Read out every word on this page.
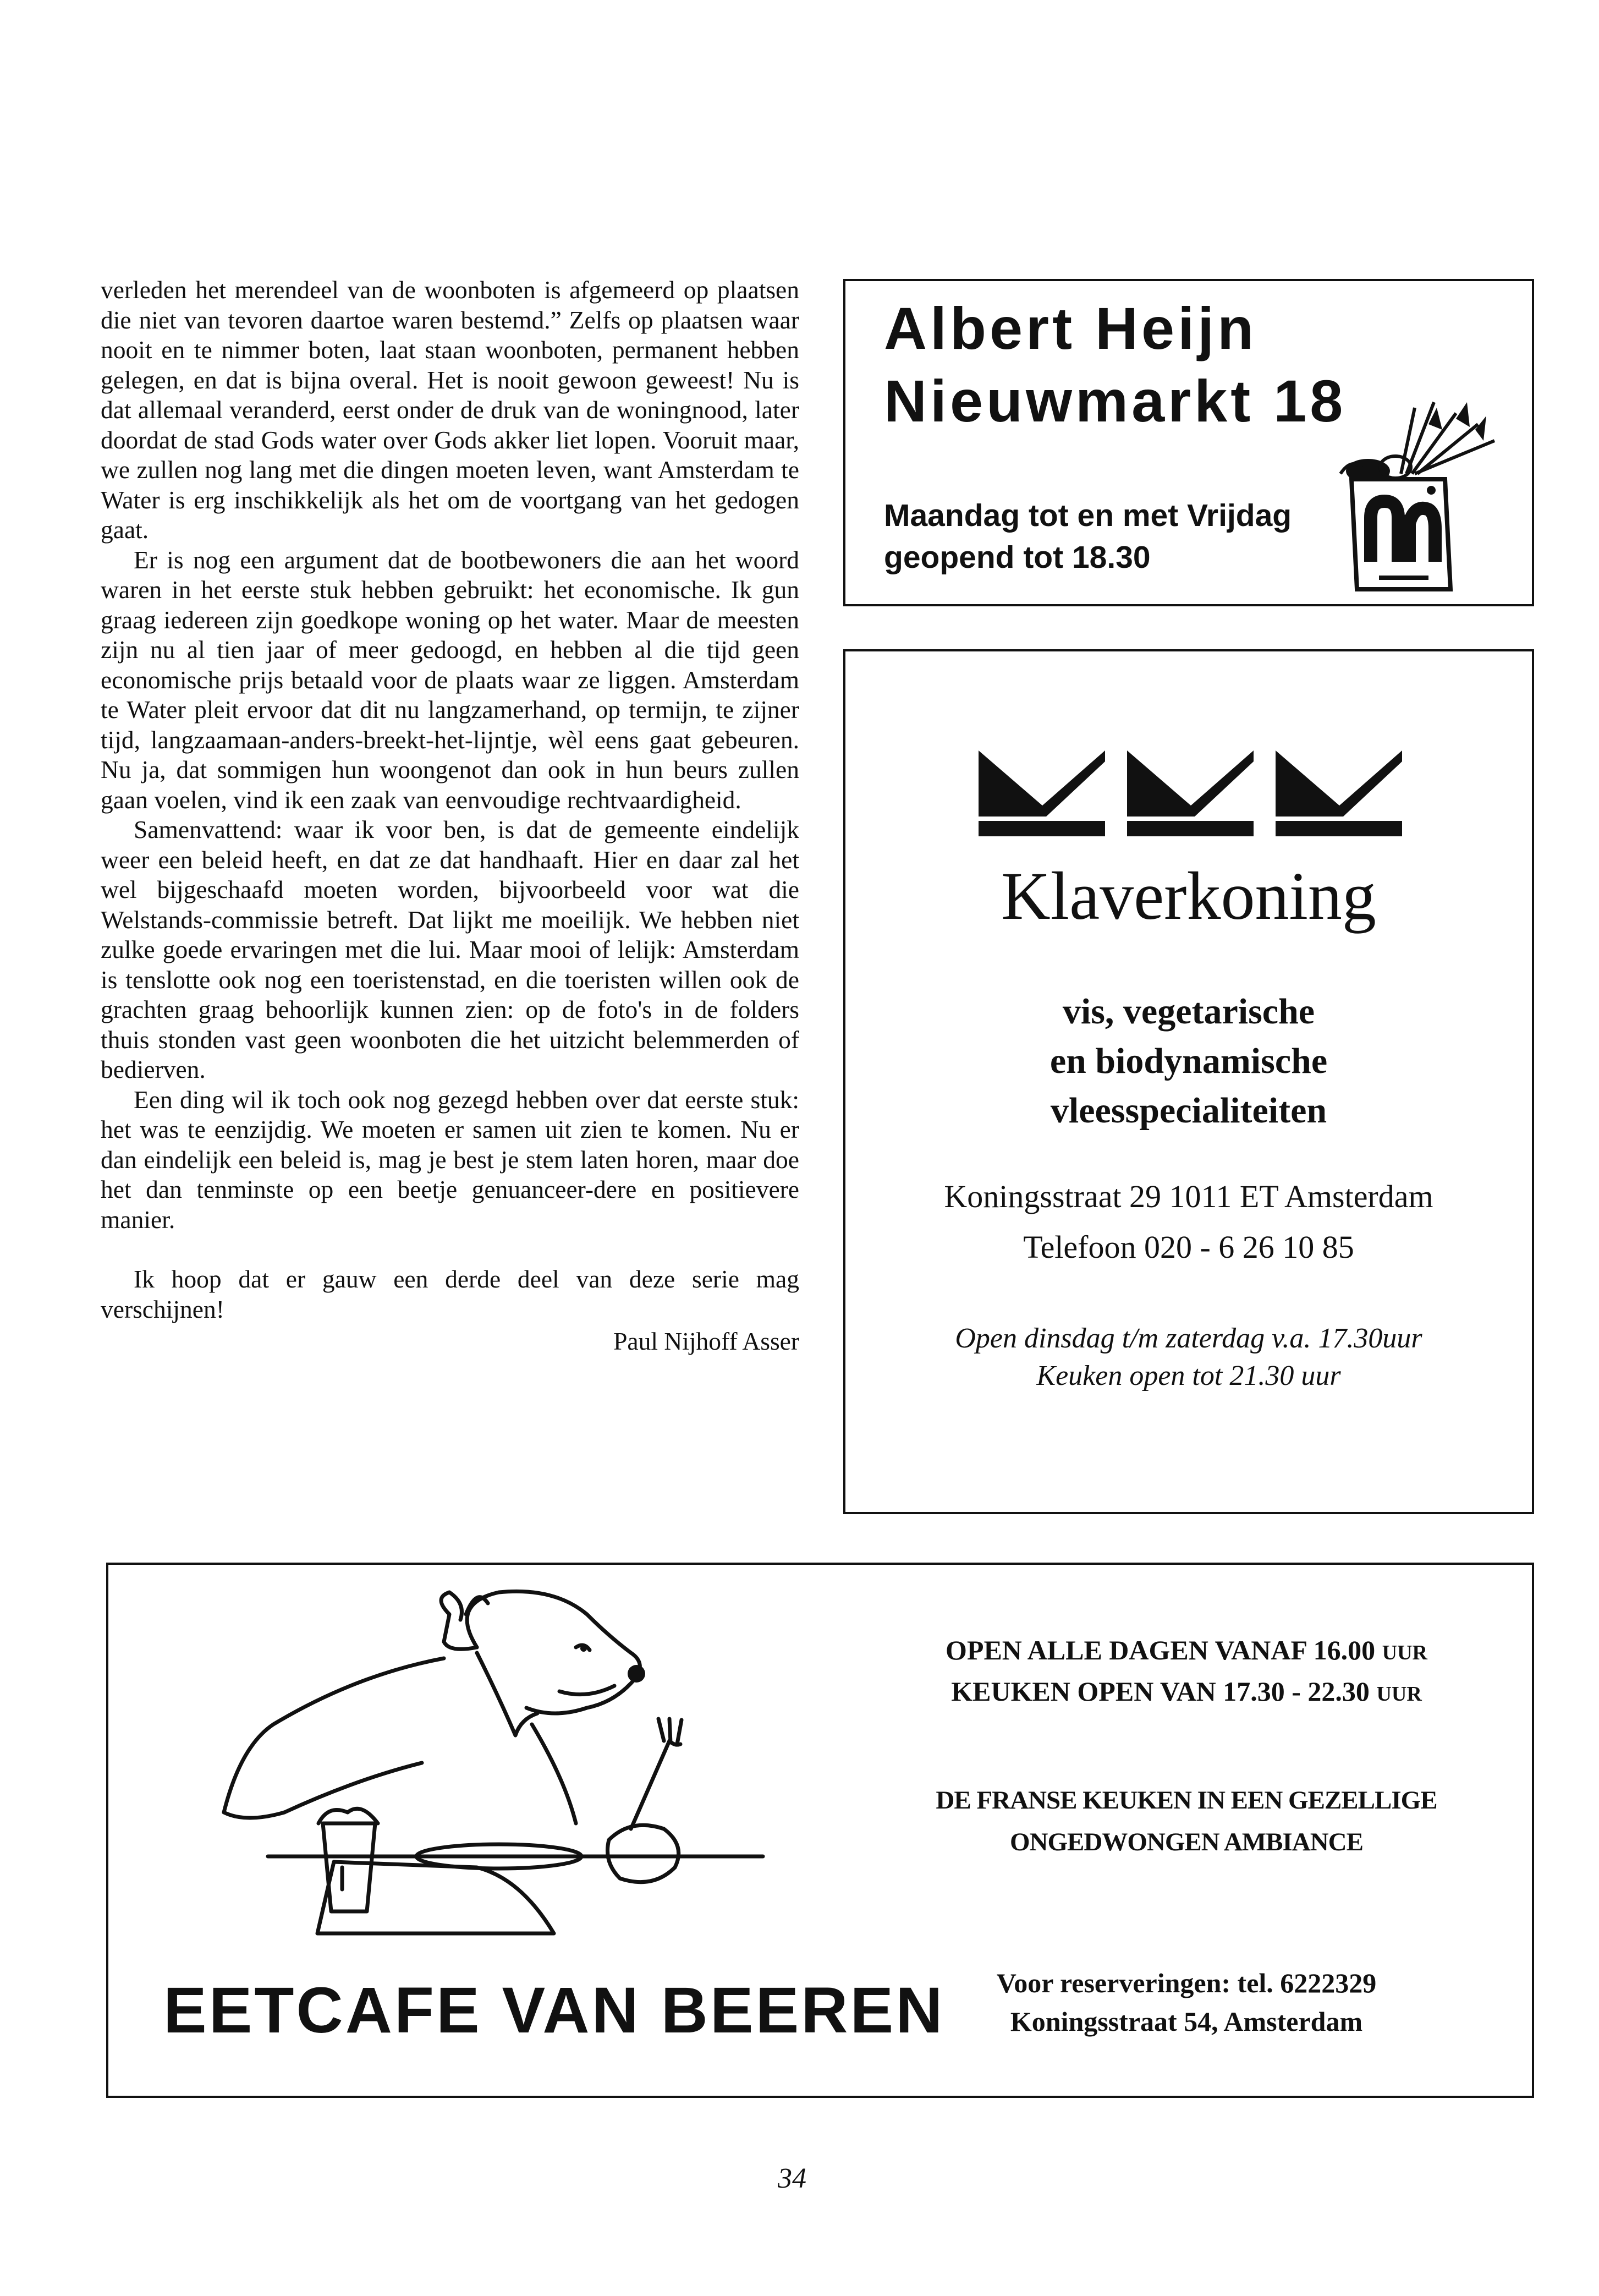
verleden het merendeel van de woonboten is afgemeerd op plaatsen die niet van tevoren daartoe waren bestemd.” Zelfs op plaatsen waar nooit en te nimmer boten, laat staan woonboten, permanent hebben gelegen, en dat is bijna overal. Het is nooit gewoon geweest! Nu is dat allemaal veranderd, eerst onder de druk van de woningnood, later doordat de stad Gods water over Gods akker liet lopen. Vooruit maar, we zullen nog lang met die dingen moeten leven, want Amsterdam te Water is erg inschikkelijk als het om de voortgang van het gedogen gaat.

Er is nog een argument dat de bootbewoners die aan het woord waren in het eerste stuk hebben gebruikt: het economische. Ik gun graag iedereen zijn goedkope woning op het water. Maar de meesten zijn nu al tien jaar of meer gedoogd, en hebben al die tijd geen economische prijs betaald voor de plaats waar ze liggen. Amsterdam te Water pleit ervoor dat dit nu langzamerhand, op termijn, te zijner tijd, langzaamaan-anders-breekt-het-lijntje, wèl eens gaat gebeuren. Nu ja, dat sommigen hun woongenot dan ook in hun beurs zullen gaan voelen, vind ik een zaak van eenvoudige rechtvaardigheid.

Samenvattend: waar ik voor ben, is dat de gemeente eindelijk weer een beleid heeft, en dat ze dat handhaaft. Hier en daar zal het wel bijgeschaafd moeten worden, bijvoorbeeld voor wat die Welstands-commissie betreft. Dat lijkt me moeilijk. We hebben niet zulke goede ervaringen met die lui. Maar mooi of lelijk: Amsterdam is tenslotte ook nog een toeristenstad, en die toeristen willen ook de grachten graag behoorlijk kunnen zien: op de foto's in de folders thuis stonden vast geen woonboten die het uitzicht belemmerden of bedierven.

Een ding wil ik toch ook nog gezegd hebben over dat eerste stuk: het was te eenzijdig. We moeten er samen uit zien te komen. Nu er dan eindelijk een beleid is, mag je best je stem laten horen, maar doe het dan tenminste op een beetje genuanceer-dere en positievere manier.

Ik hoop dat er gauw een derde deel van deze serie mag verschijnen!

Paul Nijhoff Asser

Albert Heijn
Nieuwmarkt 18
Maandag tot en met Vrijdag
geopend tot 18.30
Klaverkoning
vis, vegetarische
en biodynamische
vleesspecialiteiten
Koningsstraat 29 1011 ET Amsterdam
Telefoon 020 - 6 26 10 85
Open dinsdag t/m zaterdag v.a. 17.30uur
Keuken open tot 21.30 uur
EETCAFE VAN BEEREN
OPEN ALLE DAGEN VANAF 16.00 UUR
KEUKEN OPEN VAN 17.30 - 22.30 UUR
DE FRANSE KEUKEN IN EEN GEZELLIGE
ONGEDWONGEN AMBIANCE
Voor reserveringen: tel. 6222329
Koningsstraat 54, Amsterdam
34
